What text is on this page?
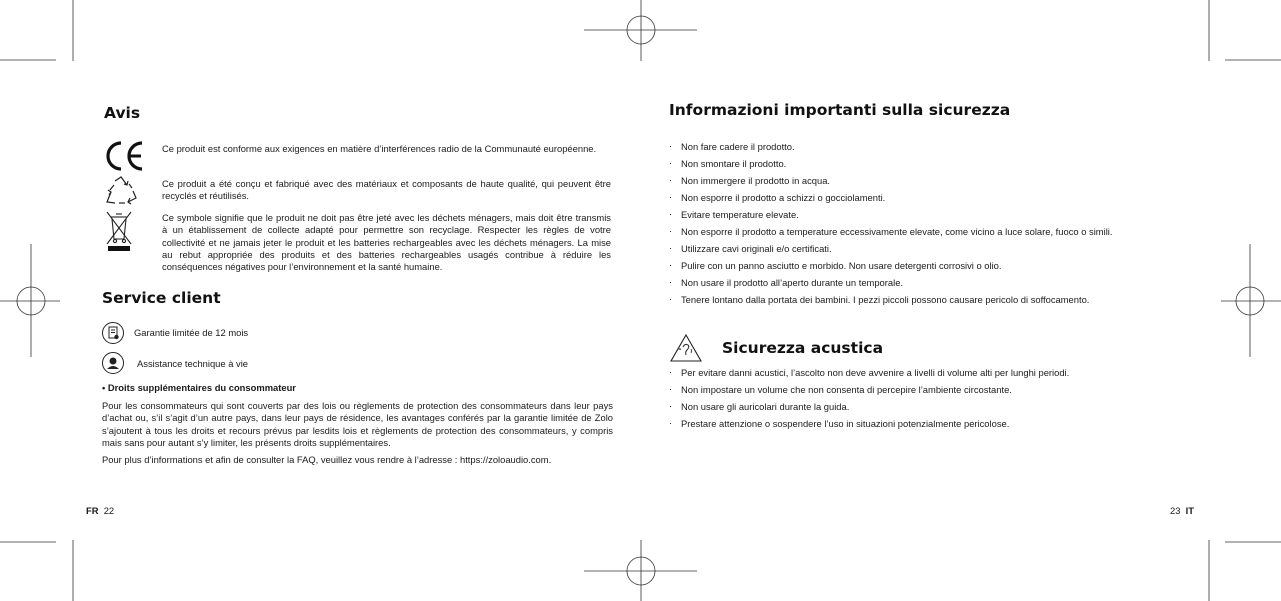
Avis
Ce produit est conforme aux exigences en matière d’interférences radio de la Communauté européenne.
Ce produit a été conçu et fabriqué avec des matériaux et composants de haute qualité, qui peuvent être recyclés et réutilisés.
Ce symbole signifie que le produit ne doit pas être jeté avec les déchets ménagers, mais doit être transmis à un établissement de collecte adapté pour permettre son recyclage. Respecter les règles de votre collectivité et ne jamais jeter le produit et les batteries rechargeables avec les déchets ménagers. La mise au rebut appropriée des produits et des batteries rechargeables usagés contribue à réduire les conséquences négatives pour l’environnement et la santé humaine.
Service client
Garantie limitée de 12 mois
Assistance technique à vie
• Droits supplémentaires du consommateur
Pour les consommateurs qui sont couverts par des lois ou règlements de protection des consommateurs dans leur pays d’achat ou, s’il s’agit d’un autre pays, dans leur pays de résidence, les avantages conférés par la garantie limitée de Zolo s’ajoutent à tous les droits et recours prévus par lesdits lois et règlements de protection des consommateurs, y compris mais sans pour autant s’y limiter, les présents droits supplémentaires.
Pour plus d’informations et afin de consulter la FAQ, veuillez vous rendre à l’adresse : https://zoloaudio.com.
FR 22
Informazioni importanti sulla sicurezza
· Non fare cadere il prodotto.
· Non smontare il prodotto.
· Non immergere il prodotto in acqua.
· Non esporre il prodotto a schizzi o gocciolamenti.
· Evitare temperature elevate.
· Non esporre il prodotto a temperature eccessivamente elevate, come vicino a luce solare, fuoco o simili.
· Utilizzare cavi originali e/o certificati.
· Pulire con un panno asciutto e morbido. Non usare detergenti corrosivi o olio.
· Non usare il prodotto all’aperto durante un temporale.
· Tenere lontano dalla portata dei bambini. I pezzi piccoli possono causare pericolo di soffocamento.
Sicurezza acustica
· Per evitare danni acustici, l’ascolto non deve avvenire a livelli di volume alti per lunghi periodi.
· Non impostare un volume che non consenta di percepire l’ambiente circostante.
· Non usare gli auricolari durante la guida.
· Prestare attenzione o sospendere l’uso in situazioni potenzialmente pericolose.
23 IT
